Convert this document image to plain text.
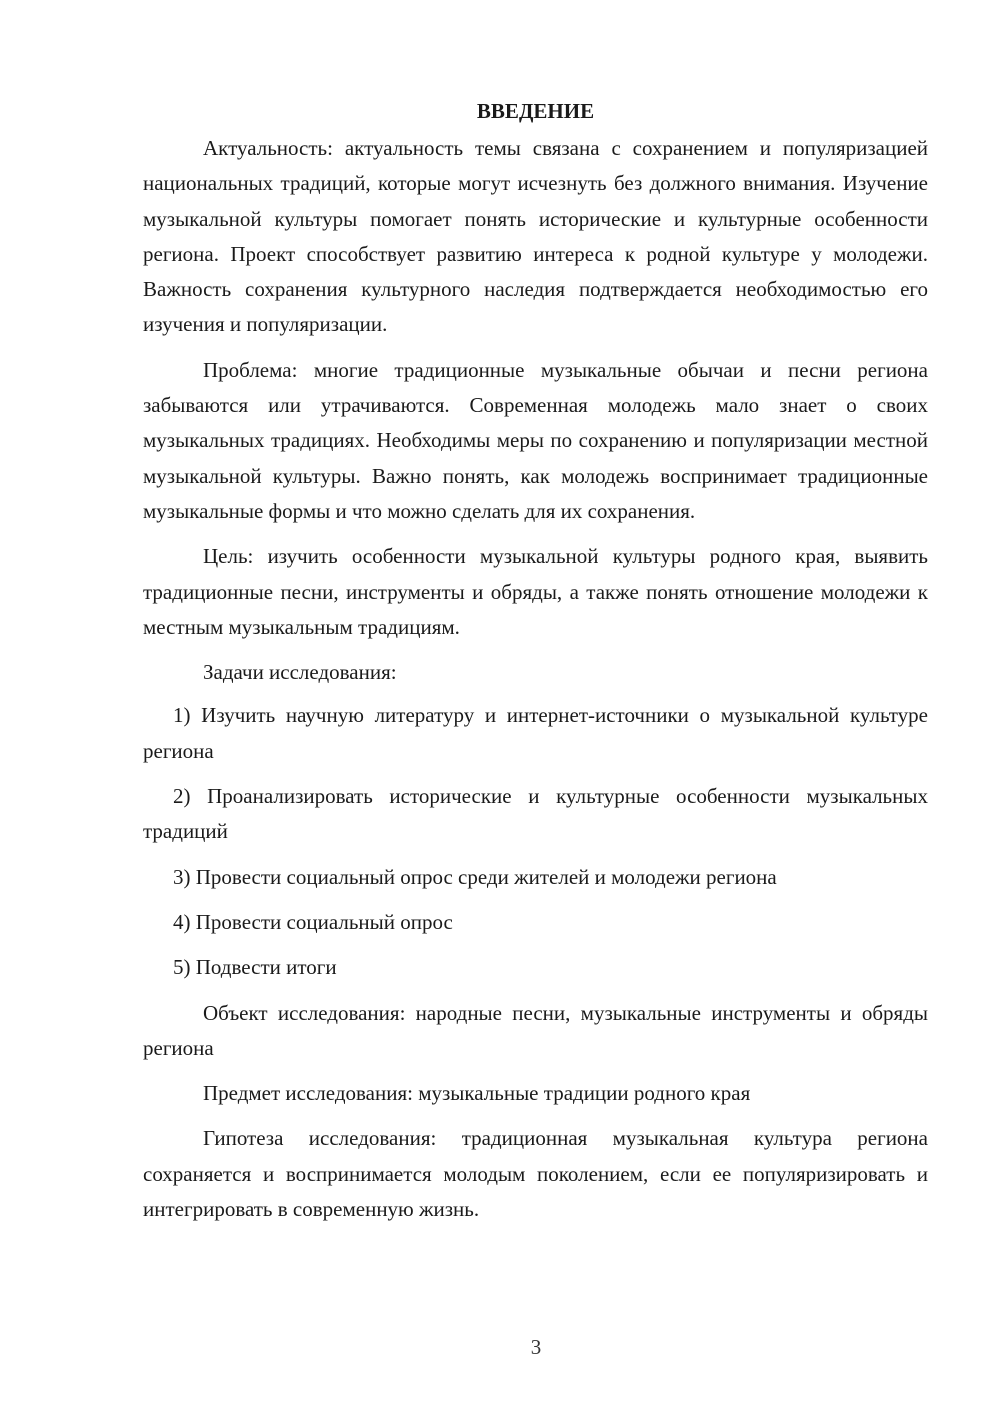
ВВЕДЕНИЕ

Актуальность: актуальность темы связана с сохранением и популяризацией национальных традиций, которые могут исчезнуть без должного внимания. Изучение музыкальной культуры помогает понять исторические и культурные особенности региона. Проект способствует развитию интереса к родной культуре у молодежи. Важность сохранения культурного наследия подтверждается необходимостью его изучения и популяризации.

Проблема: многие традиционные музыкальные обычаи и песни региона забываются или утрачиваются. Современная молодежь мало знает о своих музыкальных традициях. Необходимы меры по сохранению и популяризации местной музыкальной культуры. Важно понять, как молодежь воспринимает традиционные музыкальные формы и что можно сделать для их сохранения.

Цель: изучить особенности музыкальной культуры родного края, выявить традиционные песни, инструменты и обряды, а также понять отношение молодежи к местным музыкальным традициям.

Задачи исследования:

1) Изучить научную литературу и интернет-источники о музыкальной культуре региона

2) Проанализировать исторические и культурные особенности музыкальных традиций

3) Провести социальный опрос среди жителей и молодежи региона

4) Провести социальный опрос

5) Подвести итоги

Объект исследования: народные песни, музыкальные инструменты и обряды региона

Предмет исследования: музыкальные традиции родного края

Гипотеза исследования: традиционная музыкальная культура региона сохраняется и воспринимается молодым поколением, если ее популяризировать и интегрировать в современную жизнь.

3
